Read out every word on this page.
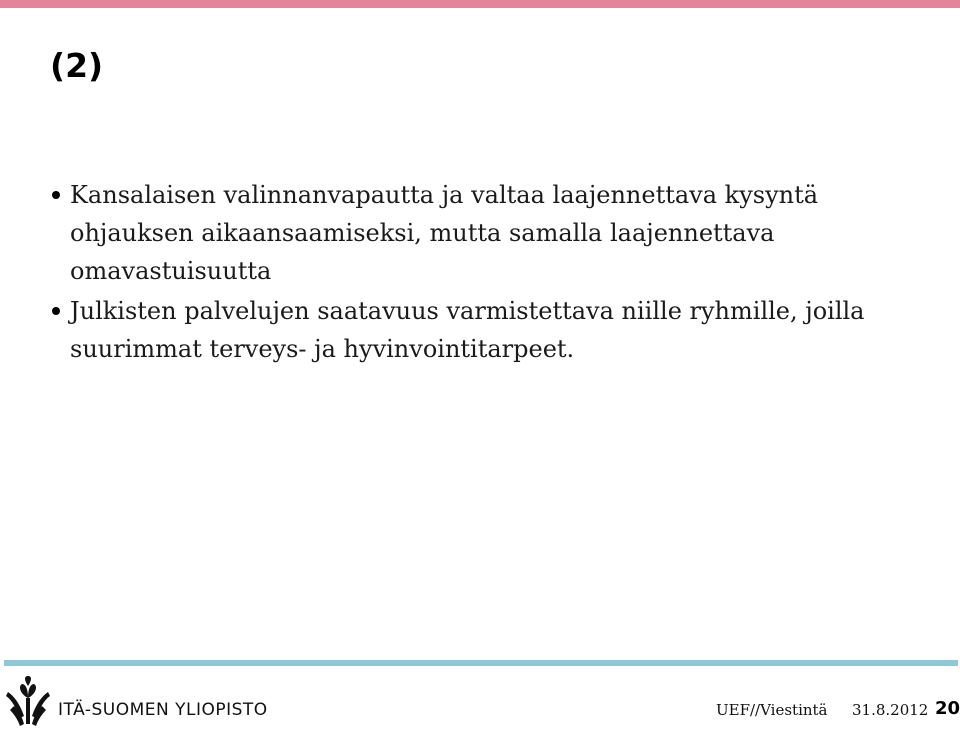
(2)
Kansalaisen valinnanvapautta ja valtaa laajennettava kysyntä ohjauksen aikaansaamiseksi, mutta samalla laajennettava omavastuisuutta
Julkisten palvelujen saatavuus varmistettava niille ryhmille, joilla suurimmat terveys- ja hyvinvointitarpeet.
ITÄ-SUOMEN YLIOPISTO	UEF//Viestintä 31.8.2012 20
